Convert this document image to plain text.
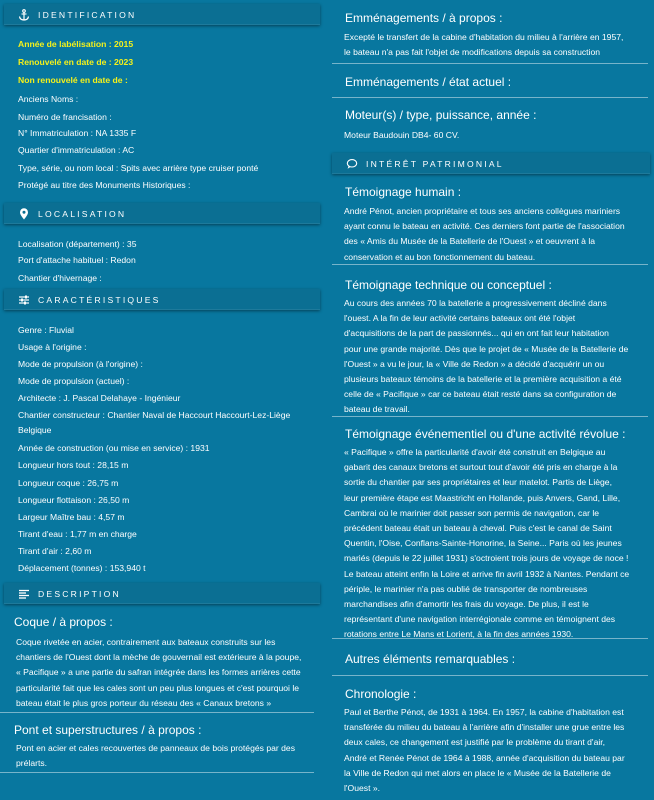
IDENTIFICATION
Année de labélisation : 2015
Renouvelé en date de : 2023
Non renouvelé en date de :
Anciens Noms :
Numéro de francisation :
N° Immatriculation : NA 1335 F
Quartier d'immatriculation : AC
Type, série, ou nom local : Spits avec arrière type cruiser ponté
Protégé au titre des Monuments Historiques :
LOCALISATION
Localisation (département) : 35
Port d'attache habituel : Redon
Chantier d'hivernage :
CARACTÉRISTIQUES
Genre : Fluvial
Usage à l'origine :
Mode de propulsion (à l'origine) :
Mode de propulsion (actuel) :
Architecte : J. Pascal Delahaye - Ingénieur
Chantier constructeur : Chantier Naval de Haccourt Haccourt-Lez-Liège
Belgique
Année de construction (ou mise en service) : 1931
Longueur hors tout : 28,15 m
Longueur coque : 26,75 m
Longueur flottaison : 26,50 m
Largeur Maître bau : 4,57 m
Tirant d'eau : 1,77 m en charge
Tirant d'air : 2,60 m
Déplacement (tonnes) : 153,940 t
DESCRIPTION
Coque / à propos :
Coque rivetée en acier, contrairement aux bateaux construits sur les
chantiers de l'Ouest dont la mèche de gouvernail est extérieure à la poupe,
« Pacifique » a une partie du safran intégrée dans les formes arrières cette
particularité fait que les cales sont un peu plus longues et c'est pourquoi le
bateau était le plus gros porteur du réseau des « Canaux bretons »
Pont et superstructures / à propos :
Pont en acier et cales recouvertes de panneaux de bois protégés par des
prélarts.
Emménagements / à propos :
Excepté le transfert de la cabine d'habitation du milieu à l'arrière en 1957,
le bateau n'a pas fait l'objet de modifications depuis sa construction
Emménagements / état actuel :
Moteur(s) / type, puissance, année :
Moteur Baudouin DB4- 60 CV.
INTÉRÊT PATRIMONIAL
Témoignage humain :
André Pénot, ancien propriétaire et tous ses anciens collègues mariniers
ayant connu le bateau en activité. Ces derniers font partie de l'association
des « Amis du Musée de la Batellerie de l'Ouest » et oeuvrent à la
conservation et au bon fonctionnement du bateau.
Témoignage technique ou conceptuel :
Au cours des années 70 la batellerie a progressivement décliné dans
l'ouest. A la fin de leur activité certains bateaux ont été l'objet
d'acquisitions de la part de passionnés... qui en ont fait leur habitation
pour une grande majorité. Dès que le projet de « Musée de la Batellerie de
l'Ouest » a vu le jour, la « Ville de Redon » a décidé d'acquérir un ou
plusieurs bateaux témoins de la batellerie et la première acquisition a été
celle de « Pacifique » car ce bateau était resté dans sa configuration de
bateau de travail.
Témoignage événementiel ou d'une activité révolue :
« Pacifique » offre la particularité d'avoir été construit en Belgique au
gabarit des canaux bretons et surtout tout d'avoir été pris en charge à la
sortie du chantier par ses propriétaires et leur matelot. Partis de Liège,
leur première étape est Maastricht en Hollande, puis Anvers, Gand, Lille,
Cambrai où le marinier doit passer son permis de navigation, car le
précédent bateau était un bateau à cheval. Puis c'est le canal de Saint
Quentin, l'Oise, Conflans-Sainte-Honorine, la Seine... Paris où les jeunes
mariés (depuis le 22 juillet 1931) s'octroient trois jours de voyage de noce !
Le bateau atteint enfin la Loire et arrive fin avril 1932 à Nantes. Pendant ce
périple, le marinier n'a pas oublié de transporter de nombreuses
marchandises afin d'amortir les frais du voyage. De plus, il est le
représentant d'une navigation interrégionale comme en témoignent des
rotations entre Le Mans et Lorient, à la fin des années 1930.
Autres éléments remarquables :
Chronologie :
Paul et Berthe Pénot, de 1931 à 1964. En 1957, la cabine d'habitation est
transférée du milieu du bateau à l'arrière afin d'installer une grue entre les
deux cales, ce changement est justifié par le problème du tirant d'air,
André et Renée Pénot de 1964 à 1988, année d'acquisition du bateau par
la Ville de Redon qui met alors en place le « Musée de la Batellerie de
l'Ouest ».
